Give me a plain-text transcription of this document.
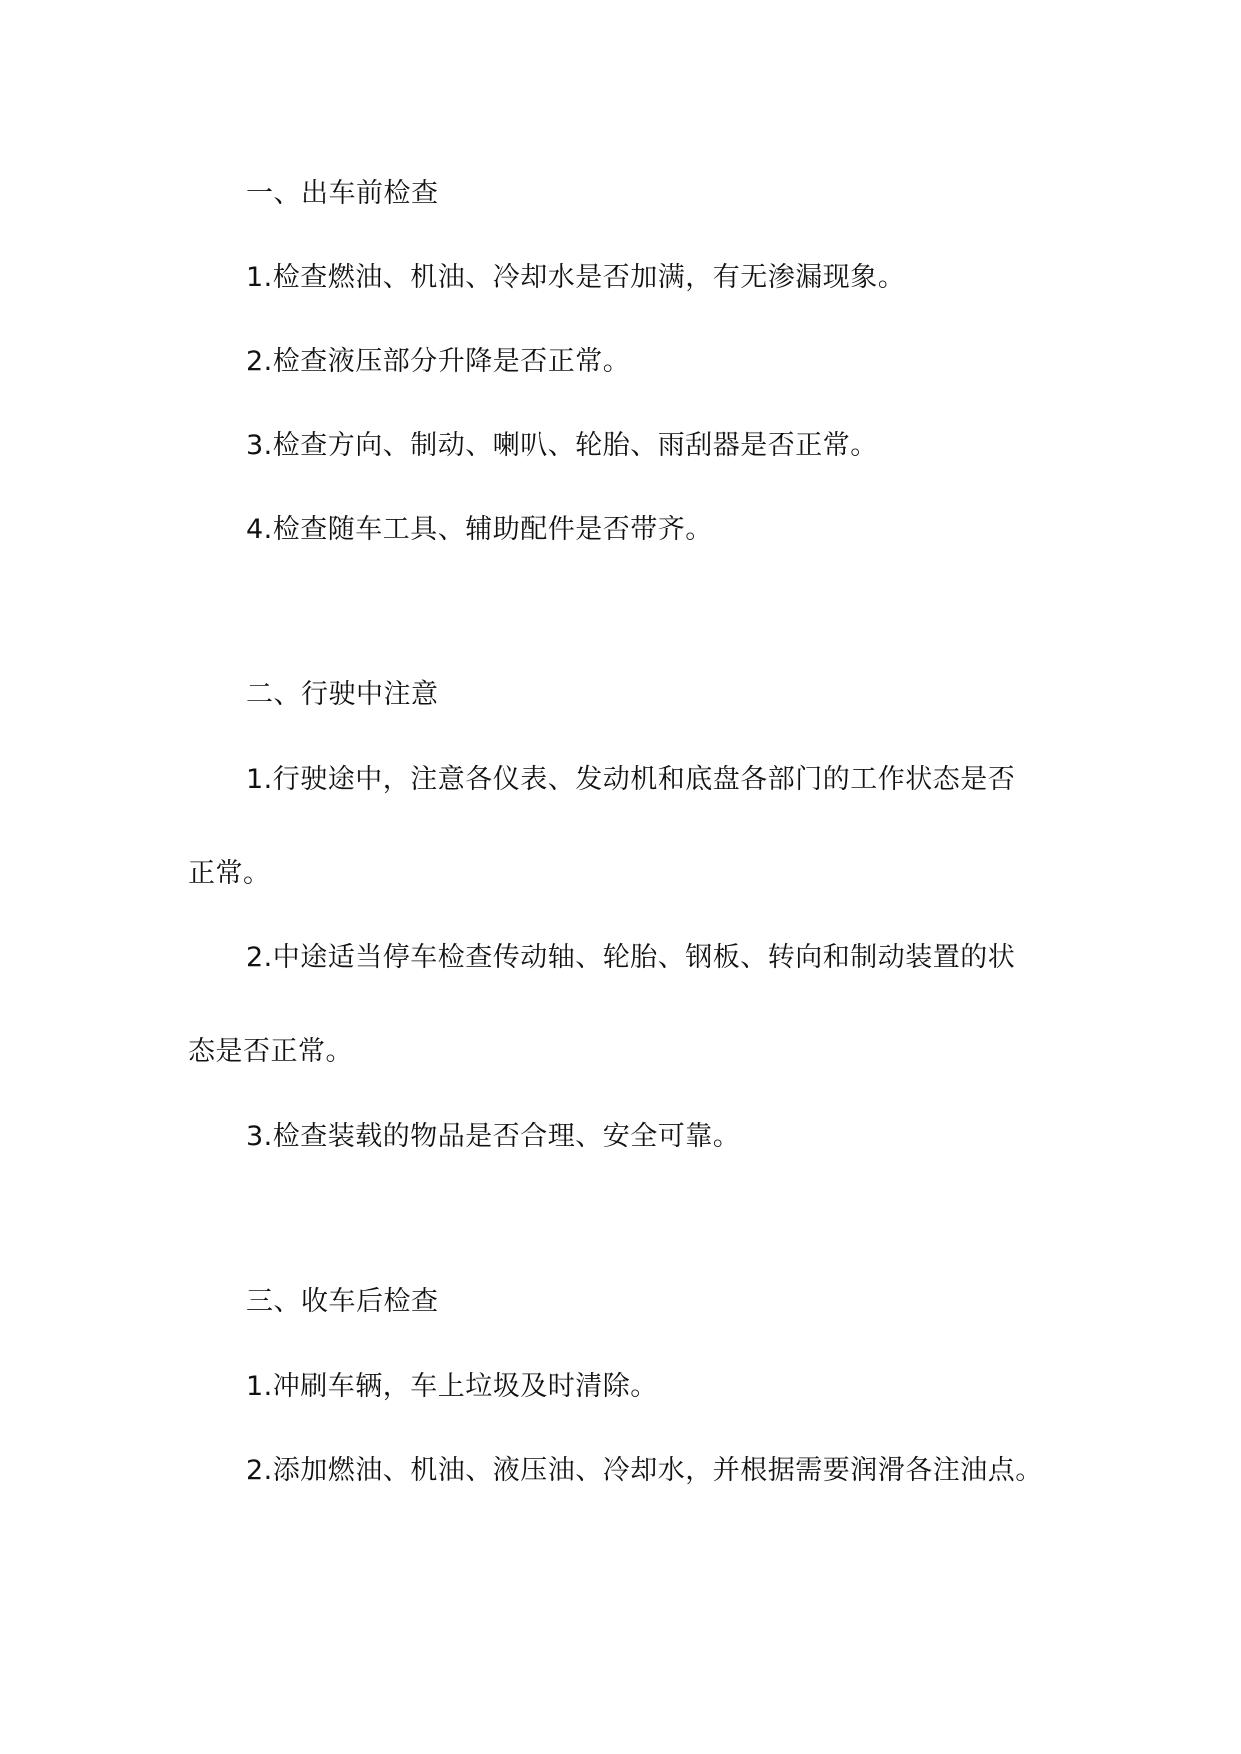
一、出车前检查
1.检查燃油、机油、冷却水是否加满，有无渗漏现象。
2.检查液压部分升降是否正常。
3.检查方向、制动、喇叭、轮胎、雨刮器是否正常。
4.检查随车工具、辅助配件是否带齐。
二、行驶中注意
1.行驶途中，注意各仪表、发动机和底盘各部门的工作状态是否
正常。
2.中途适当停车检查传动轴、轮胎、钢板、转向和制动装置的状
态是否正常。
3.检查装载的物品是否合理、安全可靠。
三、收车后检查
1.冲刷车辆，车上垃圾及时清除。
2.添加燃油、机油、液压油、冷却水，并根据需要润滑各注油点。
